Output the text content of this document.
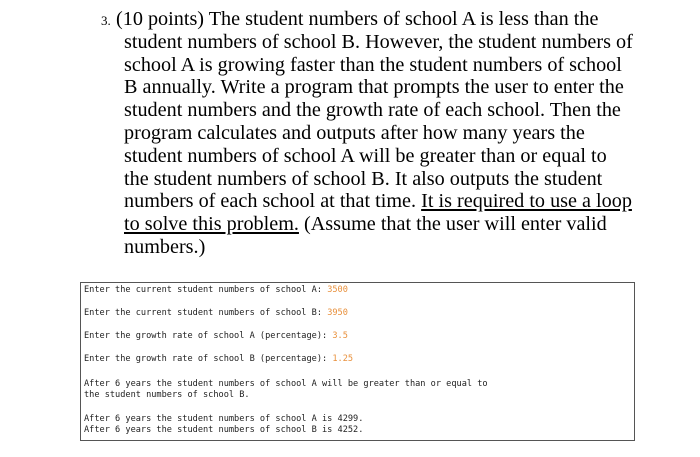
3. (10 points) The student numbers of school A is less than the
student numbers of school B. However, the student numbers of
school A is growing faster than the student numbers of school
B annually. Write a program that prompts the user to enter the
student numbers and the growth rate of each school. Then the
program calculates and outputs after how many years the
student numbers of school A will be greater than or equal to
the student numbers of school B. It also outputs the student
numbers of each school at that time. It is required to use a loop
to solve this problem. (Assume that the user will enter valid
numbers.)
Enter the current student numbers of school A: 3500
Enter the current student numbers of school B: 3950
Enter the growth rate of school A (percentage): 3.5
Enter the growth rate of school B (percentage): 1.25
After 6 years the student numbers of school A will be greater than or equal to
the student numbers of school B.
After 6 years the student numbers of school A is 4299.
After 6 years the student numbers of school B is 4252.
